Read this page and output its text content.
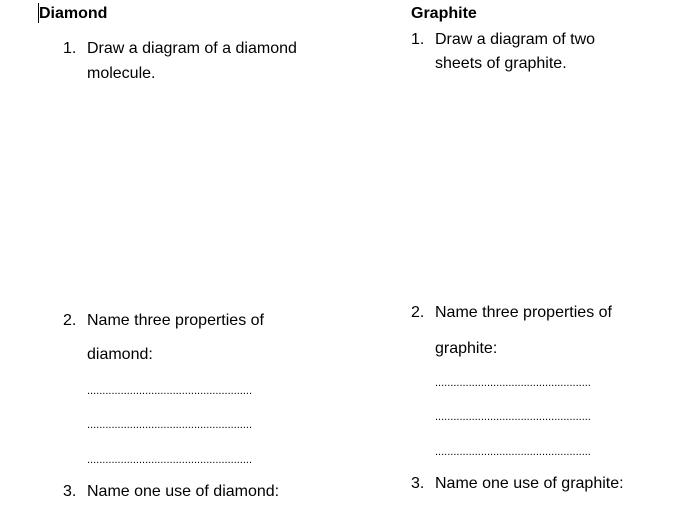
Diamond
1. Draw a diagram of a diamond
molecule.
2. Name three properties of
diamond:
......................................................
......................................................
......................................................
3. Name one use of diamond:
Graphite
1. Draw a diagram of two
sheets of graphite.
2. Name three properties of
graphite:
...................................................
...................................................
...................................................
3. Name one use of graphite:
